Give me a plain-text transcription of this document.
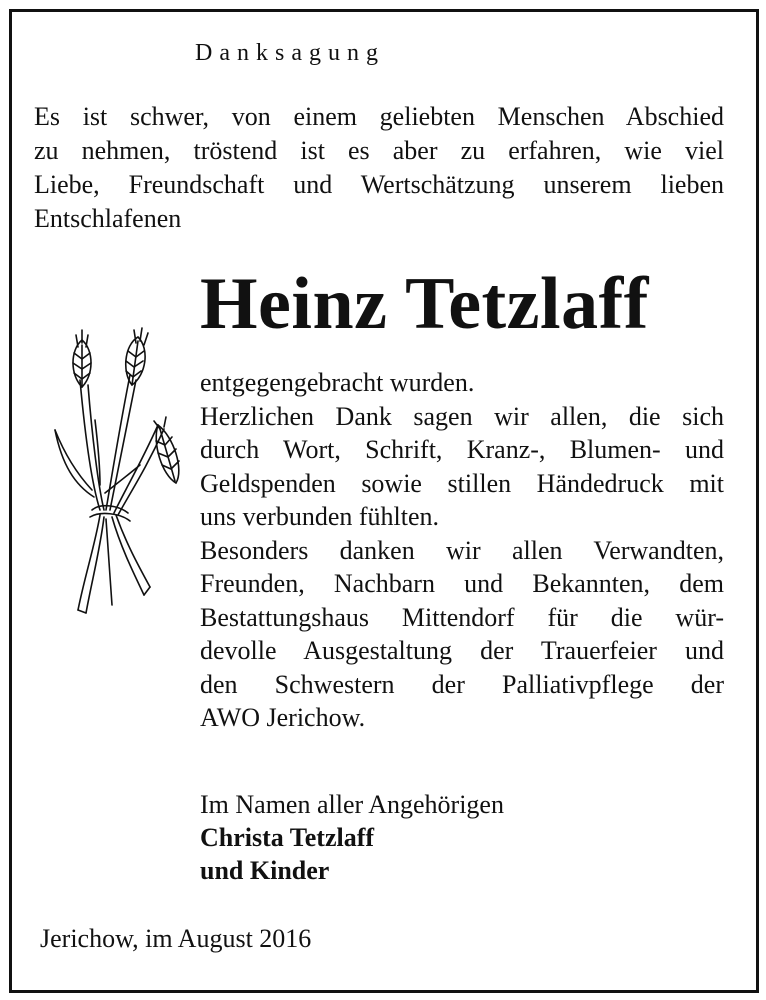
Danksagung
Es ist schwer, von einem geliebten Menschen Abschied
zu nehmen, tröstend ist es aber zu erfahren, wie viel
Liebe, Freundschaft und Wertschätzung unserem lieben
Entschlafenen
Heinz Tetzlaff
entgegengebracht wurden.
Herzlichen Dank sagen wir allen, die sich
durch Wort, Schrift, Kranz-, Blumen- und
Geldspenden sowie stillen Händedruck mit
uns verbunden fühlten.
Besonders danken wir allen Verwandten,
Freunden, Nachbarn und Bekannten, dem
Bestattungshaus Mittendorf für die wür-
devolle Ausgestaltung der Trauerfeier und
den Schwestern der Palliativpflege der
AWO Jerichow.
Im Namen aller Angehörigen
Christa Tetzlaff
und Kinder
Jerichow, im August 2016
